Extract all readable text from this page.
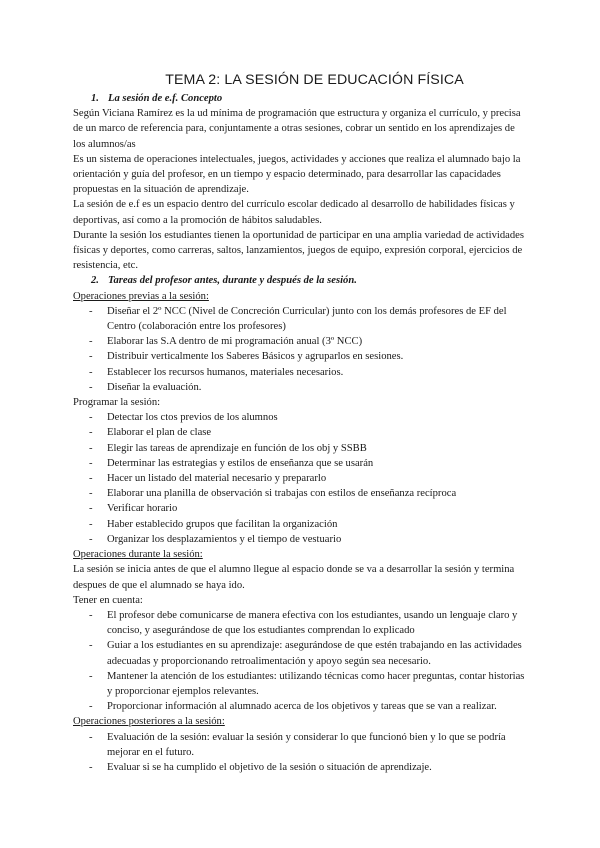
TEMA 2: LA SESIÓN DE EDUCACIÓN FÍSICA

1. La sesión de e.f. Concepto

Según Viciana Ramírez es la ud mínima de programación que estructura y organiza el currículo, y precisa de un marco de referencia para, conjuntamente a otras sesiones, cobrar un sentido en los aprendizajes de los alumnos/as

Es un sistema de operaciones intelectuales, juegos, actividades y acciones que realiza el alumnado bajo la orientación y guía del profesor, en un tiempo y espacio determinado, para desarrollar las capacidades propuestas en la situación de aprendizaje.

La sesión de e.f es un espacio dentro del currículo escolar dedicado al desarrollo de habilidades físicas y deportivas, así como a la promoción de hábitos saludables.

Durante la sesión los estudiantes tienen la oportunidad de participar en una amplia variedad de actividades físicas y deportes, como carreras, saltos, lanzamientos, juegos de equipo, expresión corporal, ejercicios de resistencia, etc.

2. Tareas del profesor antes, durante y después de la sesión.

Operaciones previas a la sesión:

- Diseñar el 2º NCC (Nivel de Concreción Curricular) junto con los demás profesores de EF del Centro (colaboración entre los profesores)
- Elaborar las S.A dentro de mi programación anual (3º NCC)
- Distribuir verticalmente los Saberes Básicos y agruparlos en sesiones.
- Establecer los recursos humanos, materiales necesarios.
- Diseñar la evaluación.

Programar la sesión:

- Detectar los ctos previos de los alumnos
- Elaborar el plan de clase
- Elegir las tareas de aprendizaje en función de los obj y SSBB
- Determinar las estrategias y estilos de enseñanza que se usarán
- Hacer un listado del material necesario y prepararlo
- Elaborar una planilla de observación si trabajas con estilos de enseñanza recíproca
- Verificar horario
- Haber establecido grupos que facilitan la organización
- Organizar los desplazamientos y el tiempo de vestuario

Operaciones durante la sesión:

La sesión se inicia antes de que el alumno llegue al espacio donde se va a desarrollar la sesión y termina despues de que el alumnado se haya ido.

Tener en cuenta:

- El profesor debe comunicarse de manera efectiva con los estudiantes, usando un lenguaje claro y conciso, y asegurándose de que los estudiantes comprendan lo explicado
- Guiar a los estudiantes en su aprendizaje: asegurándose de que estén trabajando en las actividades adecuadas y proporcionando retroalimentación y apoyo según sea necesario.
- Mantener la atención de los estudiantes: utilizando técnicas como hacer preguntas, contar historias y proporcionar ejemplos relevantes.
- Proporcionar información al alumnado acerca de los objetivos y tareas que se van a realizar.

Operaciones posteriores a la sesión:

- Evaluación de la sesión: evaluar la sesión y considerar lo que funcionó bien y lo que se podría mejorar en el futuro.
- Evaluar si se ha cumplido el objetivo de la sesión o situación de aprendizaje.
